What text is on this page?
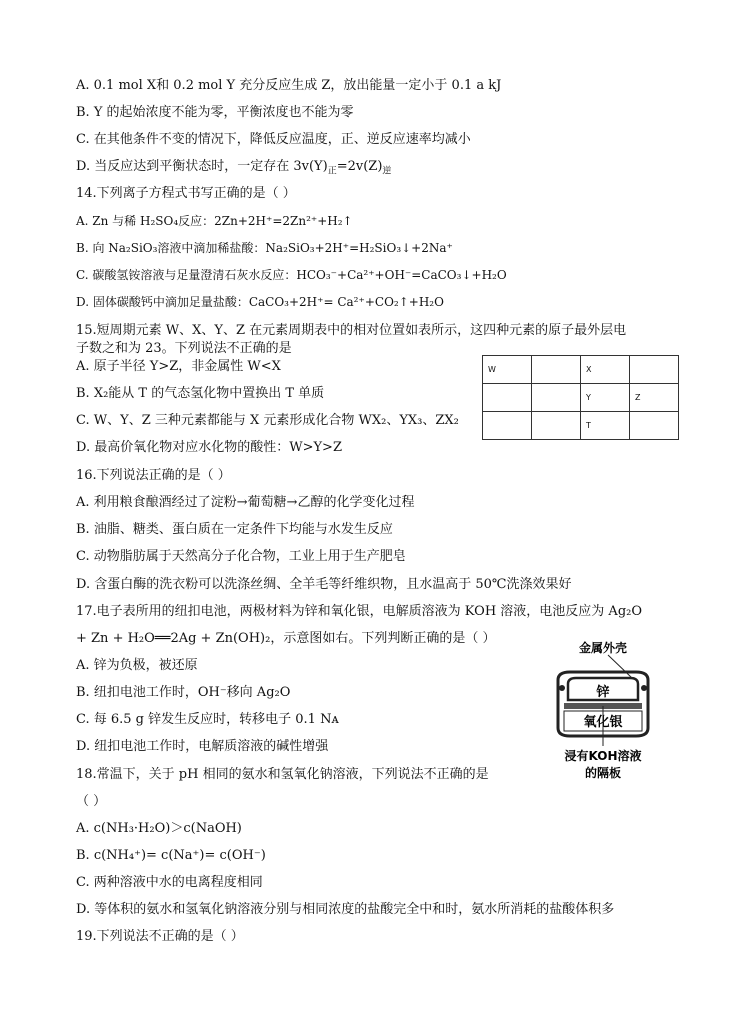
A. 0.1 mol X和 0.2 mol Y 充分反应生成 Z，放出能量一定小于 0.1 a kJ
B. Y 的起始浓度不能为零，平衡浓度也不能为零
C. 在其他条件不变的情况下，降低反应温度，正、逆反应速率均减小
D. 当反应达到平衡状态时，一定存在 $3v(Y)_正=2v(Z)_逆$
14.下列离子方程式书写正确的是（ ）
A. Zn 与稀 H₂SO₄反应：2Zn+2H⁺=2Zn²⁺+H₂↑
B. 向 Na₂SiO₃溶液中滴加稀盐酸：Na₂SiO₃+2H⁺=H₂SiO₃↓+2Na⁺
C. 碳酸氢铵溶液与足量澄清石灰水反应：HCO₃⁻+Ca²⁺+OH⁻=CaCO₃↓+H₂O
D. 固体碳酸钙中滴加足量盐酸：CaCO₃+2H⁺= Ca²⁺+CO₂↑+H₂O
15.短周期元素 W、X、Y、Z 在元素周期表中的相对位置如表所示，这四种元素的原子最外层电
子数之和为 23。下列说法不正确的是
A. 原子半径 Y>Z，非金属性 W<X
B. X₂能从 T 的气态氢化物中置换出 T 单质
C. W、Y、Z 三种元素都能与 X 元素形成化合物 WX₂、YX₃、ZX₂
D. 最高价氧化物对应水化物的酸性：W>Y>Z
W		X	
		Y	Z
		T	
16.下列说法正确的是（ ）
A. 利用粮食酿酒经过了淀粉→葡萄糖→乙醇的化学变化过程
B. 油脂、糖类、蛋白质在一定条件下均能与水发生反应
C. 动物脂肪属于天然高分子化合物，工业上用于生产肥皂
D. 含蛋白酶的洗衣粉可以洗涤丝绸、全羊毛等纤维织物，且水温高于 50℃洗涤效果好
17.电子表所用的纽扣电池，两极材料为锌和氧化银，电解质溶液为 KOH 溶液，电池反应为 Ag₂O
+ Zn + H₂O══2Ag + Zn(OH)₂，示意图如右。下列判断正确的是（ ）
A. 锌为负极，被还原
B. 纽扣电池工作时，OH⁻移向 Ag₂O
C. 每 6.5 g 锌发生反应时，转移电子 0.1 Nᴀ
D. 纽扣电池工作时，电解质溶液的碱性增强
金属外壳
锌
氧化银
浸有KOH溶液
的隔板
18.常温下，关于 pH 相同的氨水和氢氧化钠溶液，下列说法不正确的是
（ ）
A. c(NH₃·H₂O)＞c(NaOH)
B. c(NH₄⁺)= c(Na⁺)= c(OH⁻)
C. 两种溶液中水的电离程度相同
D. 等体积的氨水和氢氧化钠溶液分别与相同浓度的盐酸完全中和时，氨水所消耗的盐酸体积多
19.下列说法不正确的是（ ）
